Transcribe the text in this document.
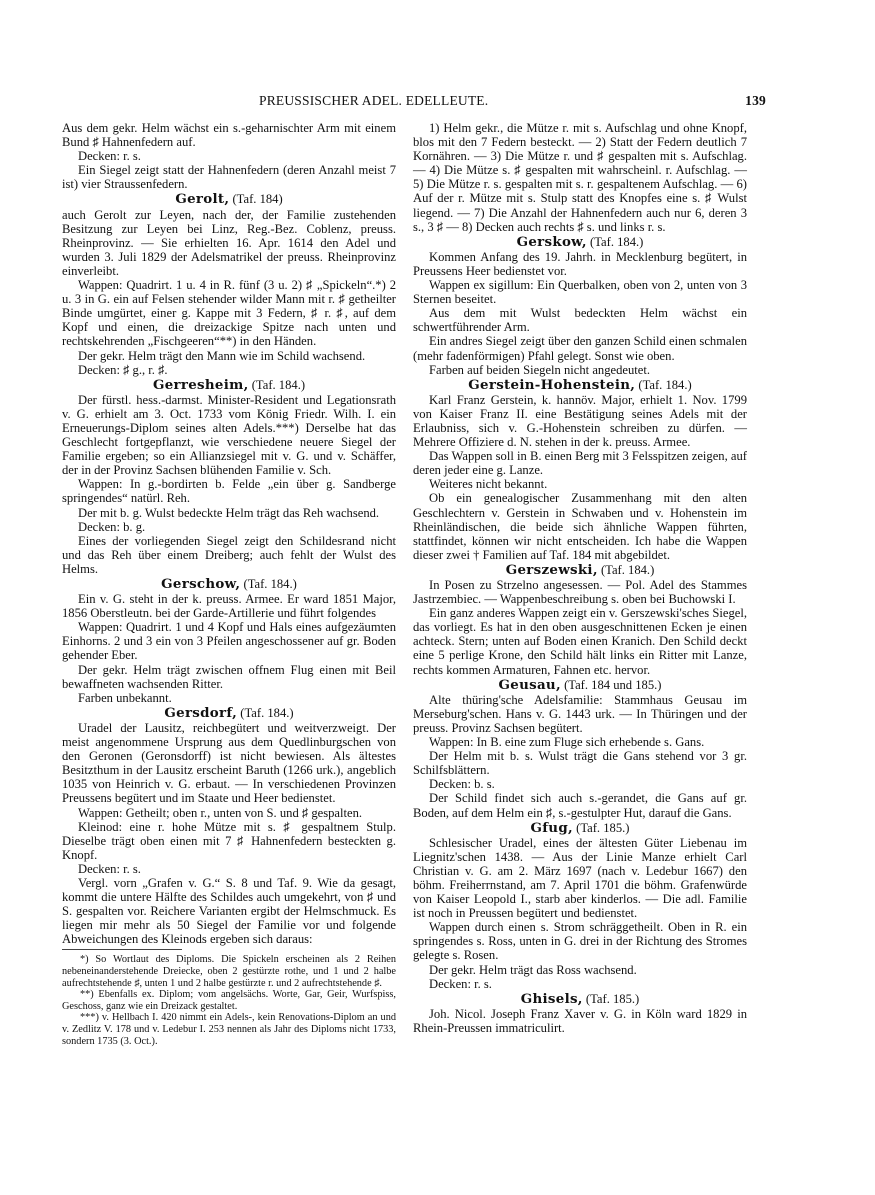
PREUSSISCHER ADEL. EDELLEUTE.	139

Aus dem gekr. Helm wächst ein s.-geharnischter Arm mit einem Bund ♯ Hahnenfedern auf.

Decken: r. s.

Ein Siegel zeigt statt der Hahnenfedern (deren Anzahl meist 7 ist) vier Straussenfedern.

Gerolt, (Taf. 184)

auch Gerolt zur Leyen, nach der, der Familie zustehenden Besitzung zur Leyen bei Linz, Reg.-Bez. Coblenz, preuss. Rheinprovinz. — Sie erhielten 16. Apr. 1614 den Adel und wurden 3. Juli 1829 der Adelsmatrikel der preuss. Rheinprovinz einverleibt.

Wappen: Quadrirt. 1 u. 4 in R. fünf (3 u. 2) ♯ „Spickeln“.*) 2 u. 3 in G. ein auf Felsen stehender wilder Mann mit r. ♯ getheilter Binde umgürtet, einer g. Kappe mit 3 Federn, ♯ r. ♯, auf dem Kopf und einen, die dreizackige Spitze nach unten und rechtskehrenden „Fischgeeren“**) in den Händen.

Der gekr. Helm trägt den Mann wie im Schild wachsend.

Decken: ♯ g., r. ♯.

Gerresheim, (Taf. 184.)

Der fürstl. hess.-darmst. Minister-Resident und Legationsrath v. G. erhielt am 3. Oct. 1733 vom König Friedr. Wilh. I. ein Erneuerungs-Diplom seines alten Adels.***) Derselbe hat das Geschlecht fortgepflanzt, wie verschiedene neuere Siegel der Familie ergeben; so ein Allianzsiegel mit v. G. und v. Schäffer, der in der Provinz Sachsen blühenden Familie v. Sch.

Wappen: In g.-bordirten b. Felde „ein über g. Sandberge springendes“ natürl. Reh.

Der mit b. g. Wulst bedeckte Helm trägt das Reh wachsend.

Decken: b. g.

Eines der vorliegenden Siegel zeigt den Schildesrand nicht und das Reh über einem Dreiberg; auch fehlt der Wulst des Helms.

Gerschow, (Taf. 184.)

Ein v. G. steht in der k. preuss. Armee. Er ward 1851 Major, 1856 Oberstleutn. bei der Garde-Artillerie und führt folgendes

Wappen: Quadrirt. 1 und 4 Kopf und Hals eines aufgezäumten Einhorns. 2 und 3 ein von 3 Pfeilen angeschossener auf gr. Boden gehender Eber.

Der gekr. Helm trägt zwischen offnem Flug einen mit Beil bewaffneten wachsenden Ritter.

Farben unbekannt.

Gersdorf, (Taf. 184.)

Uradel der Lausitz, reichbegütert und weitverzweigt. Der meist angenommene Ursprung aus dem Quedlinburgschen von den Geronen (Geronsdorff) ist nicht bewiesen. Als ältestes Besitzthum in der Lausitz erscheint Baruth (1266 urk.), angeblich 1035 von Heinrich v. G. erbaut. — In verschiedenen Provinzen Preussens begütert und im Staate und Heer bedienstet.

Wappen: Getheilt; oben r., unten von S. und ♯ gespalten.

Kleinod: eine r. hohe Mütze mit s. ♯ gespaltnem Stulp. Dieselbe trägt oben einen mit 7 ♯ Hahnenfedern besteckten g. Knopf.

Decken: r. s.

Vergl. vorn „Grafen v. G.“ S. 8 und Taf. 9. Wie da gesagt, kommt die untere Hälfte des Schildes auch umgekehrt, von ♯ und S. gespalten vor. Reichere Varianten ergibt der Helmschmuck. Es liegen mir mehr als 50 Siegel der Familie vor und folgende Abweichungen des Kleinods ergeben sich daraus:

*) So Wortlaut des Diploms. Die Spickeln erscheinen als 2 Reihen nebeneinanderstehende Dreiecke, oben 2 gestürzte rothe, und 1 und 2 halbe aufrechtstehende ♯, unten 1 und 2 halbe gestürzte r. und 2 aufrechtstehende ♯.

**) Ebenfalls ex. Diplom; vom angelsächs. Worte, Gar, Geir, Wurfspiss, Geschoss, ganz wie ein Dreizack gestaltet.

***) v. Hellbach I. 420 nimmt ein Adels-, kein Renovations-Diplom an und v. Zedlitz V. 178 und v. Ledebur I. 253 nennen als Jahr des Diploms nicht 1733, sondern 1735 (3. Oct.).

1) Helm gekr., die Mütze r. mit s. Aufschlag und ohne Knopf, blos mit den 7 Federn besteckt. — 2) Statt der Federn deutlich 7 Kornähren. — 3) Die Mütze r. und ♯ gespalten mit s. Aufschlag. — 4) Die Mütze s. ♯ gespalten mit wahrscheinl. r. Aufschlag. — 5) Die Mütze r. s. gespalten mit s. r. gespaltenem Aufschlag. — 6) Auf der r. Mütze mit s. Stulp statt des Knopfes eine s. ♯ Wulst liegend. — 7) Die Anzahl der Hahnenfedern auch nur 6, deren 3 s., 3 ♯ — 8) Decken auch rechts ♯ s. und links r. s.

Gerskow, (Taf. 184.)

Kommen Anfang des 19. Jahrh. in Mecklenburg begütert, in Preussens Heer bedienstet vor.

Wappen ex sigillum: Ein Querbalken, oben von 2, unten von 3 Sternen beseitet.

Aus dem mit Wulst bedeckten Helm wächst ein schwertführender Arm.

Ein andres Siegel zeigt über den ganzen Schild einen schmalen (mehr fadenförmigen) Pfahl gelegt. Sonst wie oben.

Farben auf beiden Siegeln nicht angedeutet.

Gerstein-Hohenstein, (Taf. 184.)

Karl Franz Gerstein, k. hannöv. Major, erhielt 1. Nov. 1799 von Kaiser Franz II. eine Bestätigung seines Adels mit der Erlaubniss, sich v. G.-Hohenstein schreiben zu dürfen. — Mehrere Offiziere d. N. stehen in der k. preuss. Armee.

Das Wappen soll in B. einen Berg mit 3 Felsspitzen zeigen, auf deren jeder eine g. Lanze.

Weiteres nicht bekannt.

Ob ein genealogischer Zusammenhang mit den alten Geschlechtern v. Gerstein in Schwaben und v. Hohenstein im Rheinländischen, die beide sich ähnliche Wappen führten, stattfindet, können wir nicht entscheiden. Ich habe die Wappen dieser zwei † Familien auf Taf. 184 mit abgebildet.

Gerszewski, (Taf. 184.)

In Posen zu Strzelno angesessen. — Pol. Adel des Stammes Jastrzembiec. — Wappenbeschreibung s. oben bei Buchowski I.

Ein ganz anderes Wappen zeigt ein v. Gerszewski'sches Siegel, das vorliegt. Es hat in den oben ausgeschnittenen Ecken je einen achteck. Stern; unten auf Boden einen Kranich. Den Schild deckt eine 5 perlige Krone, den Schild hält links ein Ritter mit Lanze, rechts kommen Armaturen, Fahnen etc. hervor.

Geusau, (Taf. 184 und 185.)

Alte thüring'sche Adelsfamilie: Stammhaus Geusau im Merseburg'schen. Hans v. G. 1443 urk. — In Thüringen und der preuss. Provinz Sachsen begütert.

Wappen: In B. eine zum Fluge sich erhebende s. Gans.

Der Helm mit b. s. Wulst trägt die Gans stehend vor 3 gr. Schilfsblättern.

Decken: b. s.

Der Schild findet sich auch s.-gerandet, die Gans auf gr. Boden, auf dem Helm ein ♯, s.-gestulpter Hut, darauf die Gans.

Gfug, (Taf. 185.)

Schlesischer Uradel, eines der ältesten Güter Liebenau im Liegnitz'schen 1438. — Aus der Linie Manze erhielt Carl Christian v. G. am 2. März 1697 (nach v. Ledebur 1667) den böhm. Freiherrnstand, am 7. April 1701 die böhm. Grafenwürde von Kaiser Leopold I., starb aber kinderlos. — Die adl. Familie ist noch in Preussen begütert und bedienstet.

Wappen durch einen s. Strom schräggetheilt. Oben in R. ein springendes s. Ross, unten in G. drei in der Richtung des Stromes gelegte s. Rosen.

Der gekr. Helm trägt das Ross wachsend.

Decken: r. s.

Ghisels, (Taf. 185.)

Joh. Nicol. Joseph Franz Xaver v. G. in Köln ward 1829 in Rhein-Preussen immatriculirt.
